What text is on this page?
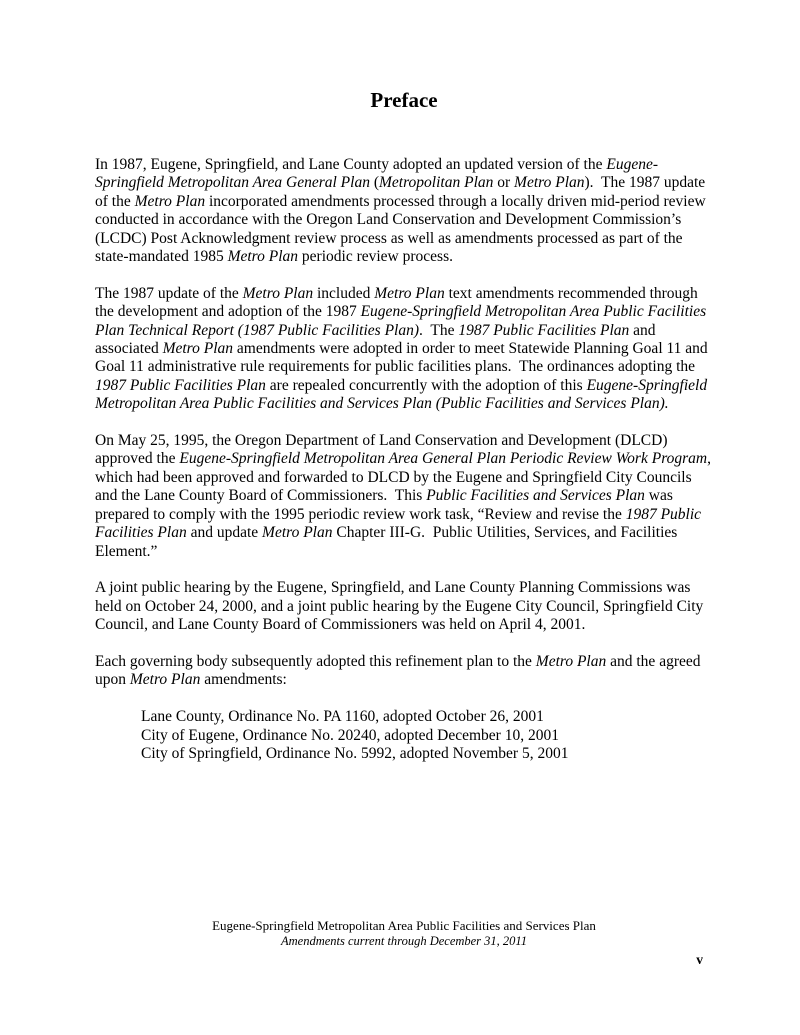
Preface

In 1987, Eugene, Springfield, and Lane County adopted an updated version of the Eugene-Springfield Metropolitan Area General Plan (Metropolitan Plan or Metro Plan).  The 1987 update of the Metro Plan incorporated amendments processed through a locally driven mid-period review conducted in accordance with the Oregon Land Conservation and Development Commission’s (LCDC) Post Acknowledgment review process as well as amendments processed as part of the state-mandated 1985 Metro Plan periodic review process.

The 1987 update of the Metro Plan included Metro Plan text amendments recommended through the development and adoption of the 1987 Eugene-Springfield Metropolitan Area Public Facilities Plan Technical Report (1987 Public Facilities Plan).  The 1987 Public Facilities Plan and associated Metro Plan amendments were adopted in order to meet Statewide Planning Goal 11 and Goal 11 administrative rule requirements for public facilities plans.  The ordinances adopting the 1987 Public Facilities Plan are repealed concurrently with the adoption of this Eugene-Springfield Metropolitan Area Public Facilities and Services Plan (Public Facilities and Services Plan).

On May 25, 1995, the Oregon Department of Land Conservation and Development (DLCD) approved the Eugene-Springfield Metropolitan Area General Plan Periodic Review Work Program, which had been approved and forwarded to DLCD by the Eugene and Springfield City Councils and the Lane County Board of Commissioners.  This Public Facilities and Services Plan was prepared to comply with the 1995 periodic review work task, “Review and revise the 1987 Public Facilities Plan and update Metro Plan Chapter III-G.  Public Utilities, Services, and Facilities Element.”

A joint public hearing by the Eugene, Springfield, and Lane County Planning Commissions was held on October 24, 2000, and a joint public hearing by the Eugene City Council, Springfield City Council, and Lane County Board of Commissioners was held on April 4, 2001.

Each governing body subsequently adopted this refinement plan to the Metro Plan and the agreed upon Metro Plan amendments:

Lane County, Ordinance No. PA 1160, adopted October 26, 2001
City of Eugene, Ordinance No. 20240, adopted December 10, 2001
City of Springfield, Ordinance No. 5992, adopted November 5, 2001
Eugene-Springfield Metropolitan Area Public Facilities and Services Plan
Amendments current through December 31, 2011
v
